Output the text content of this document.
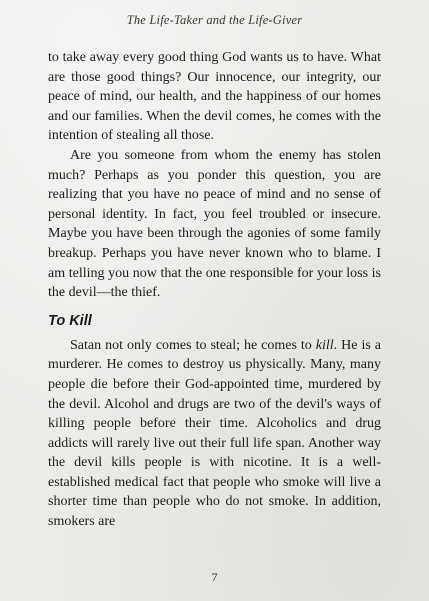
The Life-Taker and the Life-Giver

to take away every good thing God wants us to have. What are those good things? Our innocence, our integrity, our peace of mind, our health, and the happiness of our homes and our families. When the devil comes, he comes with the intention of stealing all those.

Are you someone from whom the enemy has stolen much? Perhaps as you ponder this question, you are realizing that you have no peace of mind and no sense of personal identity. In fact, you feel troubled or insecure. Maybe you have been through the agonies of some family breakup. Perhaps you have never known who to blame. I am telling you now that the one responsible for your loss is the devil—the thief.

To Kill

Satan not only comes to steal; he comes to kill. He is a murderer. He comes to destroy us physically. Many, many people die before their God-appointed time, murdered by the devil. Alcohol and drugs are two of the devil's ways of killing people before their time. Alcoholics and drug addicts will rarely live out their full life span. Another way the devil kills people is with nicotine. It is a well-established medical fact that people who smoke will live a shorter time than people who do not smoke. In addition, smokers are

7
